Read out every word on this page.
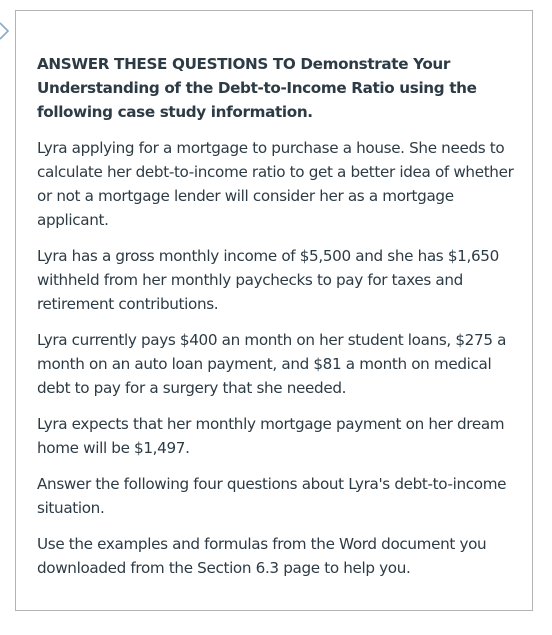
ANSWER THESE QUESTIONS TO Demonstrate Your Understanding of the Debt-to-Income Ratio using the following case study information.

Lyra applying for a mortgage to purchase a house. She needs to calculate her debt-to-income ratio to get a better idea of whether or not a mortgage lender will consider her as a mortgage applicant.

Lyra has a gross monthly income of $5,500 and she has $1,650 withheld from her monthly paychecks to pay for taxes and retirement contributions.

Lyra currently pays $400 an month on her student loans, $275 a month on an auto loan payment, and $81 a month on medical debt to pay for a surgery that she needed.

Lyra expects that her monthly mortgage payment on her dream home will be $1,497.

Answer the following four questions about Lyra's debt-to-income situation.

Use the examples and formulas from the Word document you downloaded from the Section 6.3 page to help you.
